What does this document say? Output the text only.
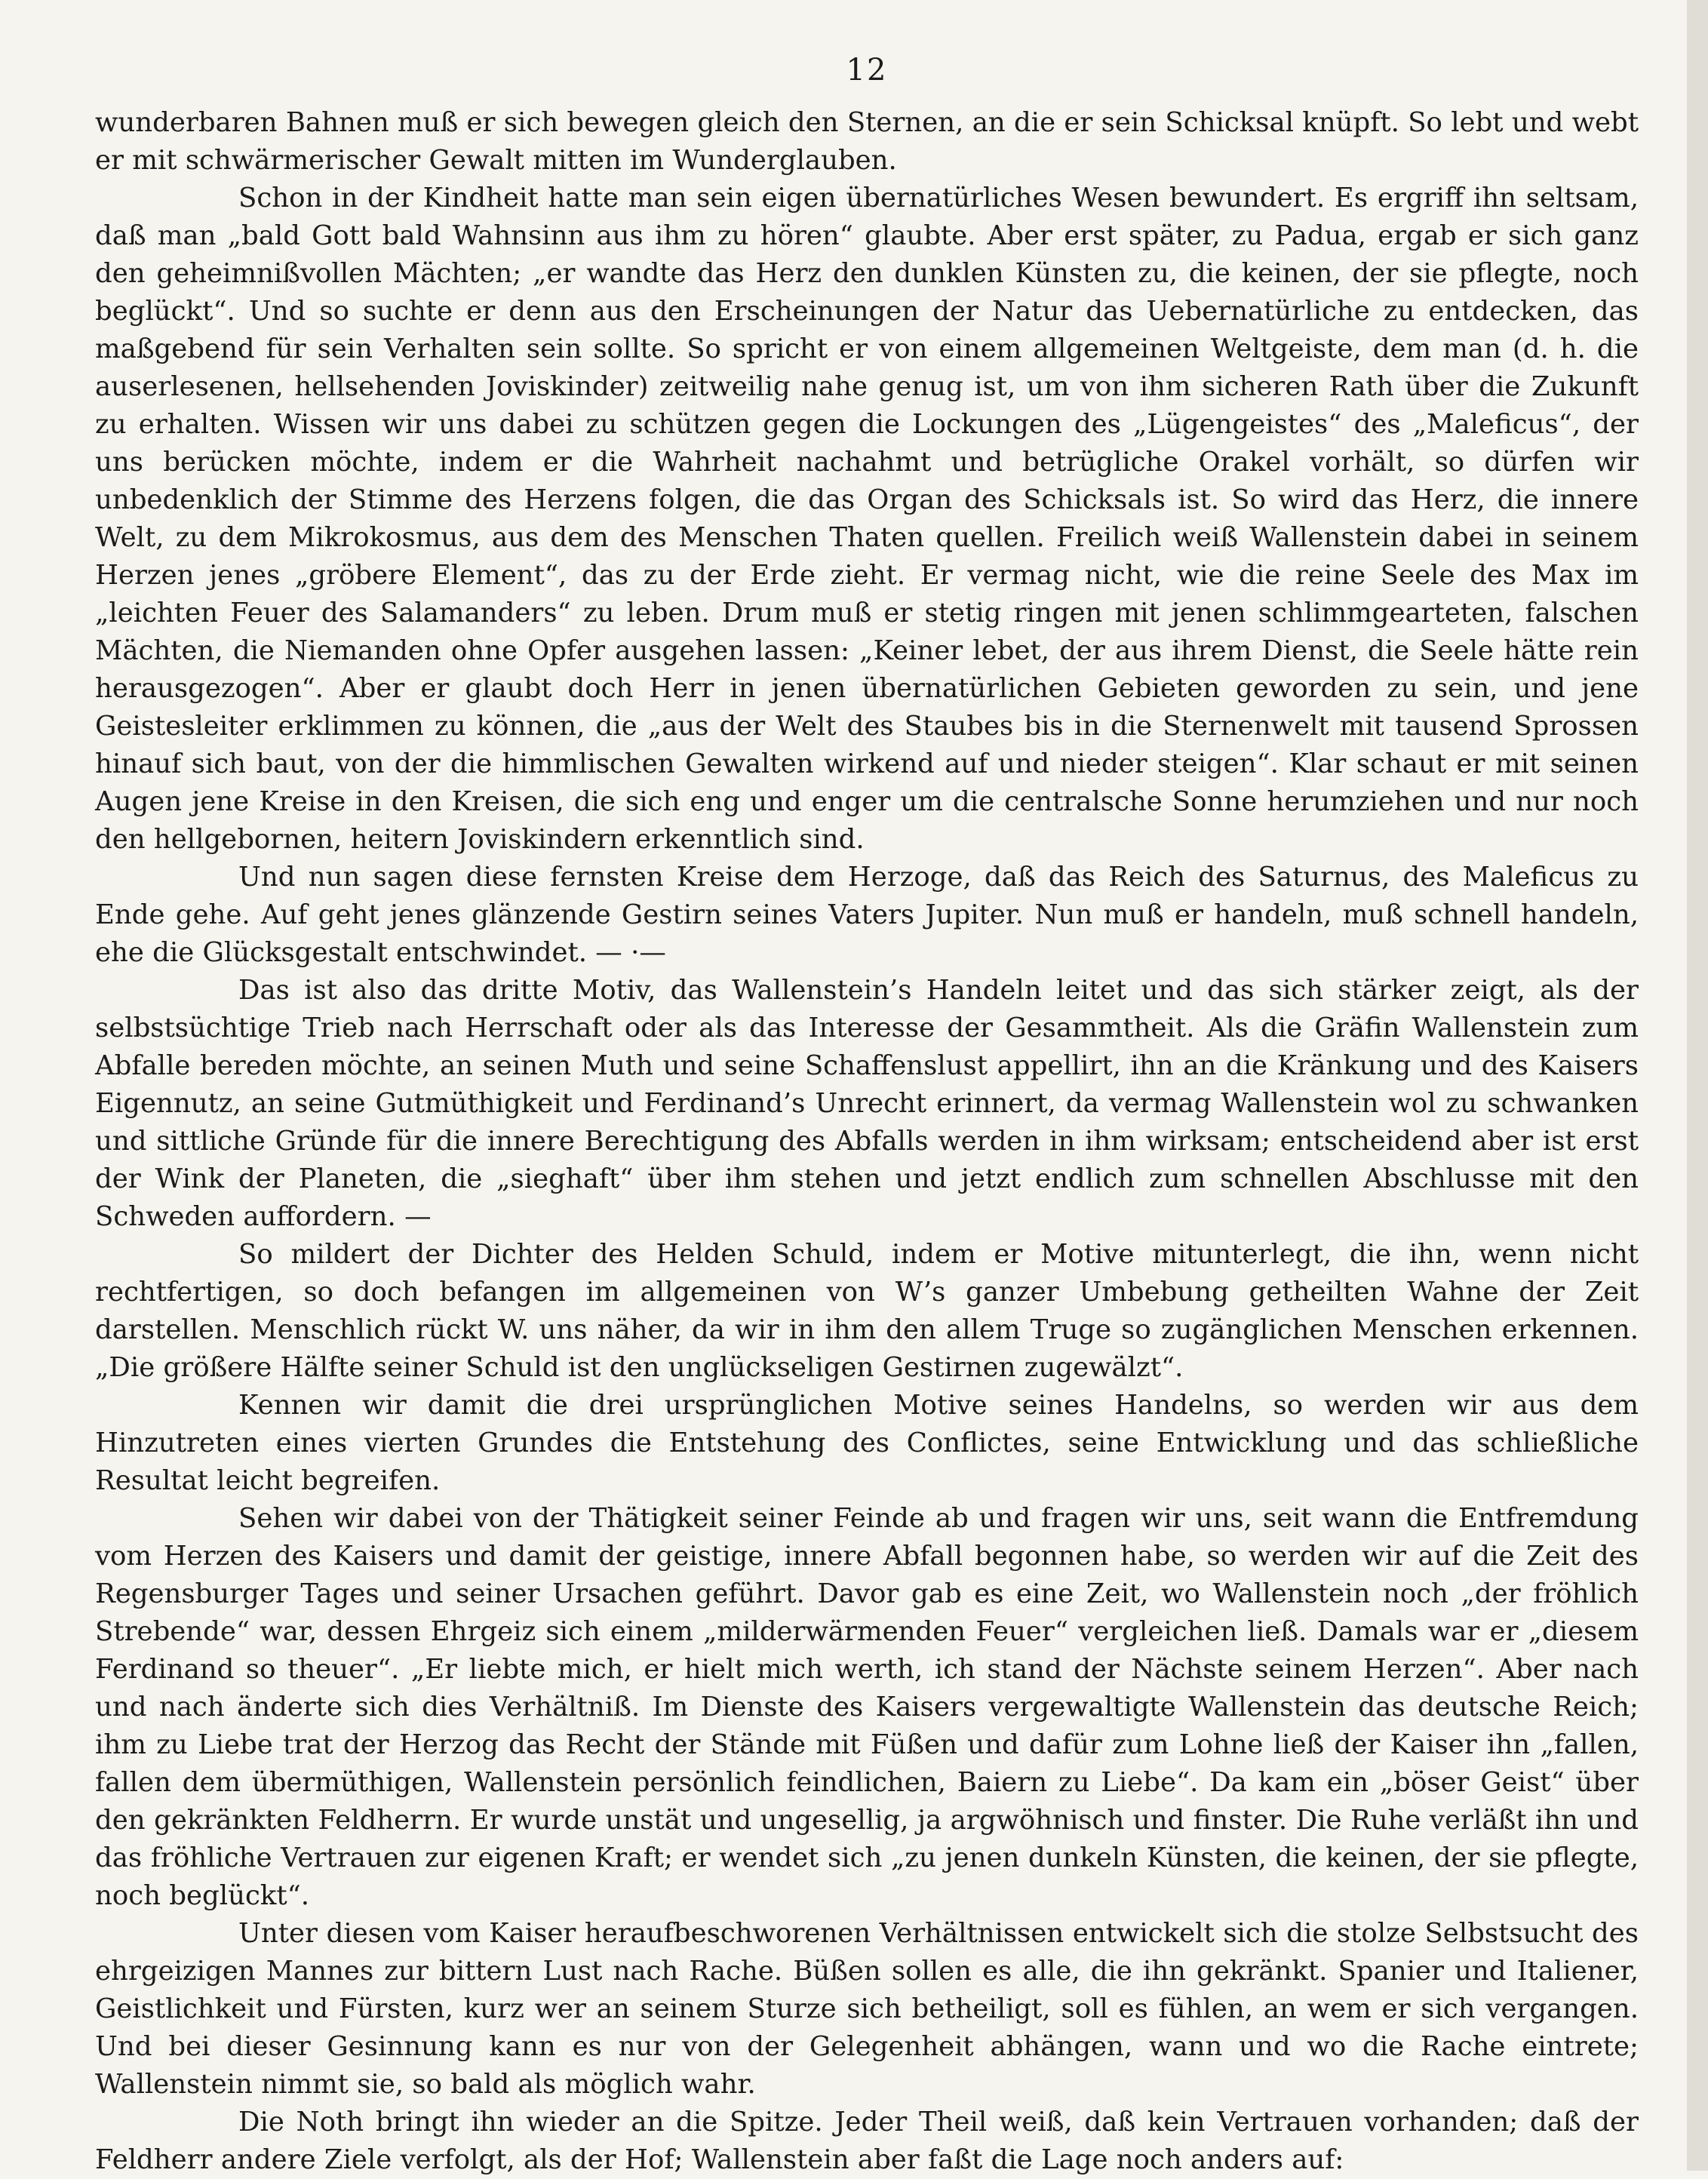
12

wunderbaren Bahnen muß er sich bewegen gleich den Sternen, an die er sein Schicksal knüpft. So lebt und webt er mit schwärmerischer Gewalt mitten im Wunderglauben.

Schon in der Kindheit hatte man sein eigen übernatürliches Wesen bewundert. Es ergriff ihn seltsam, daß man „bald Gott bald Wahnsinn aus ihm zu hören“ glaubte. Aber erst später, zu Padua, ergab er sich ganz den geheimnißvollen Mächten; „er wandte das Herz den dunklen Künsten zu, die keinen, der sie pflegte, noch beglückt“. Und so suchte er denn aus den Erscheinungen der Natur das Uebernatürliche zu entdecken, das maßgebend für sein Verhalten sein sollte. So spricht er von einem allgemeinen Weltgeiste, dem man (d. h. die auserlesenen, hellsehenden Joviskinder) zeitweilig nahe genug ist, um von ihm sicheren Rath über die Zukunft zu erhalten. Wissen wir uns dabei zu schützen gegen die Lockungen des „Lügengeistes“ des „Maleficus“, der uns berücken möchte, indem er die Wahrheit nachahmt und betrügliche Orakel vorhält, so dürfen wir unbedenklich der Stimme des Herzens folgen, die das Organ des Schicksals ist. So wird das Herz, die innere Welt, zu dem Mikrokosmus, aus dem des Menschen Thaten quellen. Freilich weiß Wallenstein dabei in seinem Herzen jenes „gröbere Element“, das zu der Erde zieht. Er vermag nicht, wie die reine Seele des Max im „leichten Feuer des Salamanders“ zu leben. Drum muß er stetig ringen mit jenen schlimmgearteten, falschen Mächten, die Niemanden ohne Opfer ausgehen lassen: „Keiner lebet, der aus ihrem Dienst, die Seele hätte rein herausgezogen“. Aber er glaubt doch Herr in jenen übernatürlichen Gebieten geworden zu sein, und jene Geistesleiter erklimmen zu können, die „aus der Welt des Staubes bis in die Sternenwelt mit tausend Sprossen hinauf sich baut, von der die himmlischen Gewalten wirkend auf und nieder steigen“. Klar schaut er mit seinen Augen jene Kreise in den Kreisen, die sich eng und enger um die centralsche Sonne herumziehen und nur noch den hellgebornen, heitern Joviskindern erkenntlich sind.

Und nun sagen diese fernsten Kreise dem Herzoge, daß das Reich des Saturnus, des Maleficus zu Ende gehe. Auf geht jenes glänzende Gestirn seines Vaters Jupiter. Nun muß er handeln, muß schnell handeln, ehe die Glücksgestalt entschwindet. — ·—

Das ist also das dritte Motiv, das Wallenstein’s Handeln leitet und das sich stärker zeigt, als der selbstsüchtige Trieb nach Herrschaft oder als das Interesse der Gesammtheit. Als die Gräfin Wallenstein zum Abfalle bereden möchte, an seinen Muth und seine Schaffenslust appellirt, ihn an die Kränkung und des Kaisers Eigennutz, an seine Gutmüthigkeit und Ferdinand’s Unrecht erinnert, da vermag Wallenstein wol zu schwanken und sittliche Gründe für die innere Berechtigung des Abfalls werden in ihm wirksam; entscheidend aber ist erst der Wink der Planeten, die „sieghaft“ über ihm stehen und jetzt endlich zum schnellen Abschlusse mit den Schweden auffordern. —

So mildert der Dichter des Helden Schuld, indem er Motive mitunterlegt, die ihn, wenn nicht rechtfertigen, so doch befangen im allgemeinen von W’s ganzer Umbebung getheilten Wahne der Zeit darstellen. Menschlich rückt W. uns näher, da wir in ihm den allem Truge so zugänglichen Menschen erkennen. „Die größere Hälfte seiner Schuld ist den unglückseligen Gestirnen zugewälzt“.

Kennen wir damit die drei ursprünglichen Motive seines Handelns, so werden wir aus dem Hinzutreten eines vierten Grundes die Entstehung des Conflictes, seine Entwicklung und das schließliche Resultat leicht begreifen.

Sehen wir dabei von der Thätigkeit seiner Feinde ab und fragen wir uns, seit wann die Entfremdung vom Herzen des Kaisers und damit der geistige, innere Abfall begonnen habe, so werden wir auf die Zeit des Regensburger Tages und seiner Ursachen geführt. Davor gab es eine Zeit, wo Wallenstein noch „der fröhlich Strebende“ war, dessen Ehrgeiz sich einem „milderwärmenden Feuer“ vergleichen ließ. Damals war er „diesem Ferdinand so theuer“. „Er liebte mich, er hielt mich werth, ich stand der Nächste seinem Herzen“. Aber nach und nach änderte sich dies Verhältniß. Im Dienste des Kaisers vergewaltigte Wallenstein das deutsche Reich; ihm zu Liebe trat der Herzog das Recht der Stände mit Füßen und dafür zum Lohne ließ der Kaiser ihn „fallen, fallen dem übermüthigen, Wallenstein persönlich feindlichen, Baiern zu Liebe“. Da kam ein „böser Geist“ über den gekränkten Feldherrn. Er wurde unstät und ungesellig, ja argwöhnisch und finster. Die Ruhe verläßt ihn und das fröhliche Vertrauen zur eigenen Kraft; er wendet sich „zu jenen dunkeln Künsten, die keinen, der sie pflegte, noch beglückt“.

Unter diesen vom Kaiser heraufbeschworenen Verhältnissen entwickelt sich die stolze Selbstsucht des ehrgeizigen Mannes zur bittern Lust nach Rache. Büßen sollen es alle, die ihn gekränkt. Spanier und Italiener, Geistlichkeit und Fürsten, kurz wer an seinem Sturze sich betheiligt, soll es fühlen, an wem er sich vergangen. Und bei dieser Gesinnung kann es nur von der Gelegenheit abhängen, wann und wo die Rache eintrete; Wallenstein nimmt sie, so bald als möglich wahr.

Die Noth bringt ihn wieder an die Spitze. Jeder Theil weiß, daß kein Vertrauen vorhanden; daß der Feldherr andere Ziele verfolgt, als der Hof; Wallenstein aber faßt die Lage noch anders auf:
